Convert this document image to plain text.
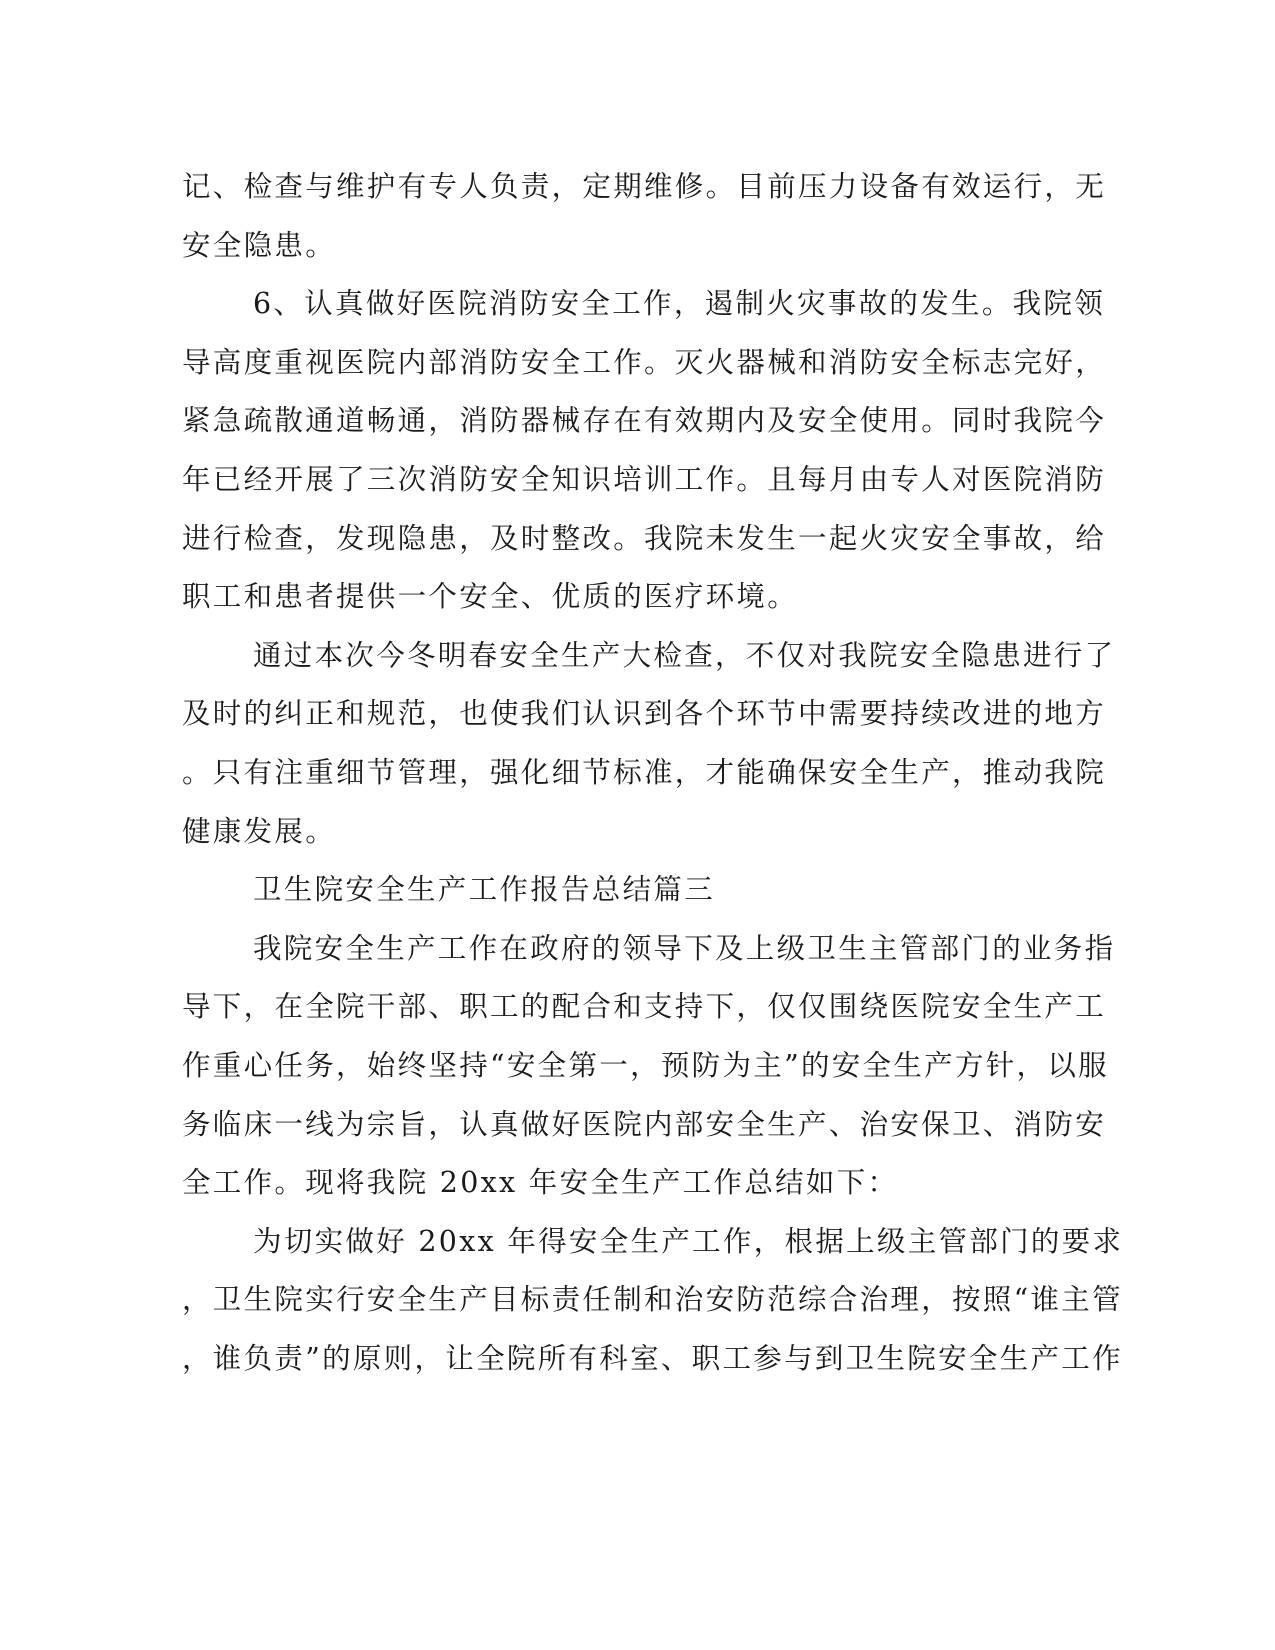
记、检查与维护有专人负责，定期维修。目前压力设备有效运行，无
安全隐患。
6、认真做好医院消防安全工作，遏制火灾事故的发生。我院领
导高度重视医院内部消防安全工作。灭火器械和消防安全标志完好，
紧急疏散通道畅通，消防器械存在有效期内及安全使用。同时我院今
年已经开展了三次消防安全知识培训工作。且每月由专人对医院消防
进行检查，发现隐患，及时整改。我院未发生一起火灾安全事故，给
职工和患者提供一个安全、优质的医疗环境。
通过本次今冬明春安全生产大检查，不仅对我院安全隐患进行了
及时的纠正和规范，也使我们认识到各个环节中需要持续改进的地方
。只有注重细节管理，强化细节标准，才能确保安全生产，推动我院
健康发展。
卫生院安全生产工作报告总结篇三
我院安全生产工作在政府的领导下及上级卫生主管部门的业务指
导下，在全院干部、职工的配合和支持下，仅仅围绕医院安全生产工
作重心任务，始终坚持“安全第一，预防为主”的安全生产方针，以服
务临床一线为宗旨，认真做好医院内部安全生产、治安保卫、消防安
全工作。现将我院 20xx 年安全生产工作总结如下：
为切实做好 20xx 年得安全生产工作，根据上级主管部门的要求
，卫生院实行安全生产目标责任制和治安防范综合治理，按照“谁主管
，谁负责”的原则，让全院所有科室、职工参与到卫生院安全生产工作
